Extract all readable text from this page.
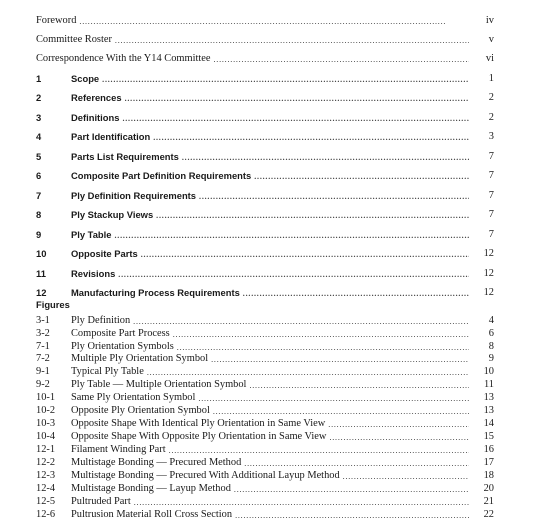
Foreword . . .	iv
Committee Roster . . .	v
Correspondence With the Y14 Committee . . .	vi
1	Scope . . .	1
2	References . . .	2
3	Definitions . . .	2
4	Part Identification . . .	3
5	Parts List Requirements . . .	7
6	Composite Part Definition Requirements . . .	7
7	Ply Definition Requirements . . .	7
8	Ply Stackup Views . . .	7
9	Ply Table . . .	7
10	Opposite Parts . . .	12
11	Revisions . . .	12
12	Manufacturing Process Requirements . . .	12
Figures
3-1	Ply Definition . . .	4
3-2	Composite Part Process . . .	6
7-1	Ply Orientation Symbols . . .	8
7-2	Multiple Ply Orientation Symbol . . .	9
9-1	Typical Ply Table . . .	10
9-2	Ply Table — Multiple Orientation Symbol . . .	11
10-1	Same Ply Orientation Symbol . . .	13
10-2	Opposite Ply Orientation Symbol . . .	13
10-3	Opposite Shape With Identical Ply Orientation in Same View . . .	14
10-4	Opposite Shape With Opposite Ply Orientation in Same View . . .	15
12-1	Filament Winding Part . . .	16
12-2	Multistage Bonding — Precured Method . . .	17
12-3	Multistage Bonding — Precured With Additional Layup Method . . .	18
12-4	Multistage Bonding — Layup Method . . .	20
12-5	Pultruded Part . . .	21
12-6	Pultrusion Material Roll Cross Section . . .	22
